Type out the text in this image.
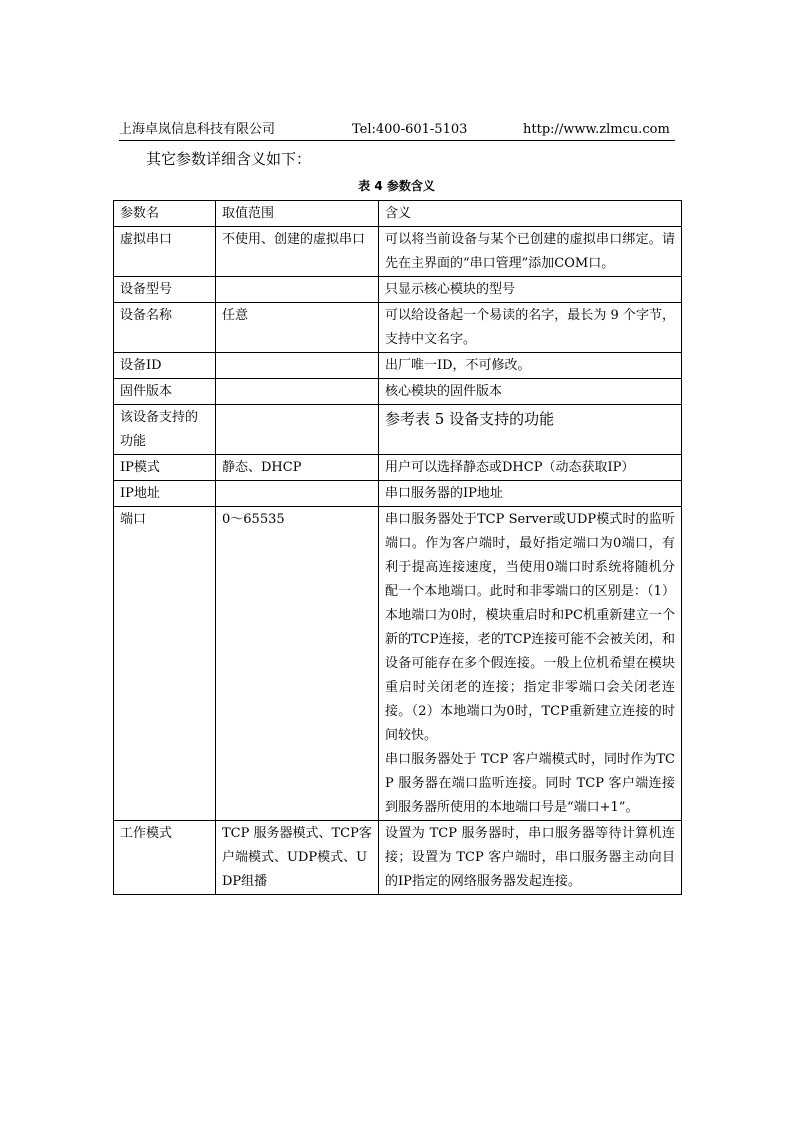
上海卓岚信息科技有限公司	Tel:400-601-5103	http://www.zlmcu.com
其它参数详细含义如下：
表 4 参数含义
参数名	取值范围	含义
虚拟串口	不使用、创建的虚拟串口	可以将当前设备与某个已创建的虚拟串口绑定。请先在主界面的“串口管理”添加COM口。
设备型号		只显示核心模块的型号
设备名称	任意	可以给设备起一个易读的名字，最长为 9 个字节，支持中文名字。
设备ID		出厂唯一ID，不可修改。
固件版本		核心模块的固件版本
该设备支持的功能		参考表 5 设备支持的功能
IP模式	静态、DHCP	用户可以选择静态或DHCP（动态获取IP）
IP地址		串口服务器的IP地址
端口	0～65535	串口服务器处于TCP Server或UDP模式时的监听端口。作为客户端时，最好指定端口为0端口，有利于提高连接速度，当使用0端口时系统将随机分配一个本地端口。此时和非零端口的区别是：（1）本地端口为0时，模块重启时和PC机重新建立一个新的TCP连接，老的TCP连接可能不会被关闭，和设备可能存在多个假连接。一般上位机希望在模块重启时关闭老的连接；指定非零端口会关闭老连接。（2）本地端口为0时，TCP重新建立连接的时间较快。
串口服务器处于 TCP 客户端模式时，同时作为TCP 服务器在端口监听连接。同时 TCP 客户端连接到服务器所使用的本地端口号是“端口+1”。

工作模式	TCP 服务器模式、TCP客户端模式、UDP模式、UDP组播	设置为 TCP 服务器时，串口服务器等待计算机连接；设置为 TCP 客户端时，串口服务器主动向目的IP指定的网络服务器发起连接。
